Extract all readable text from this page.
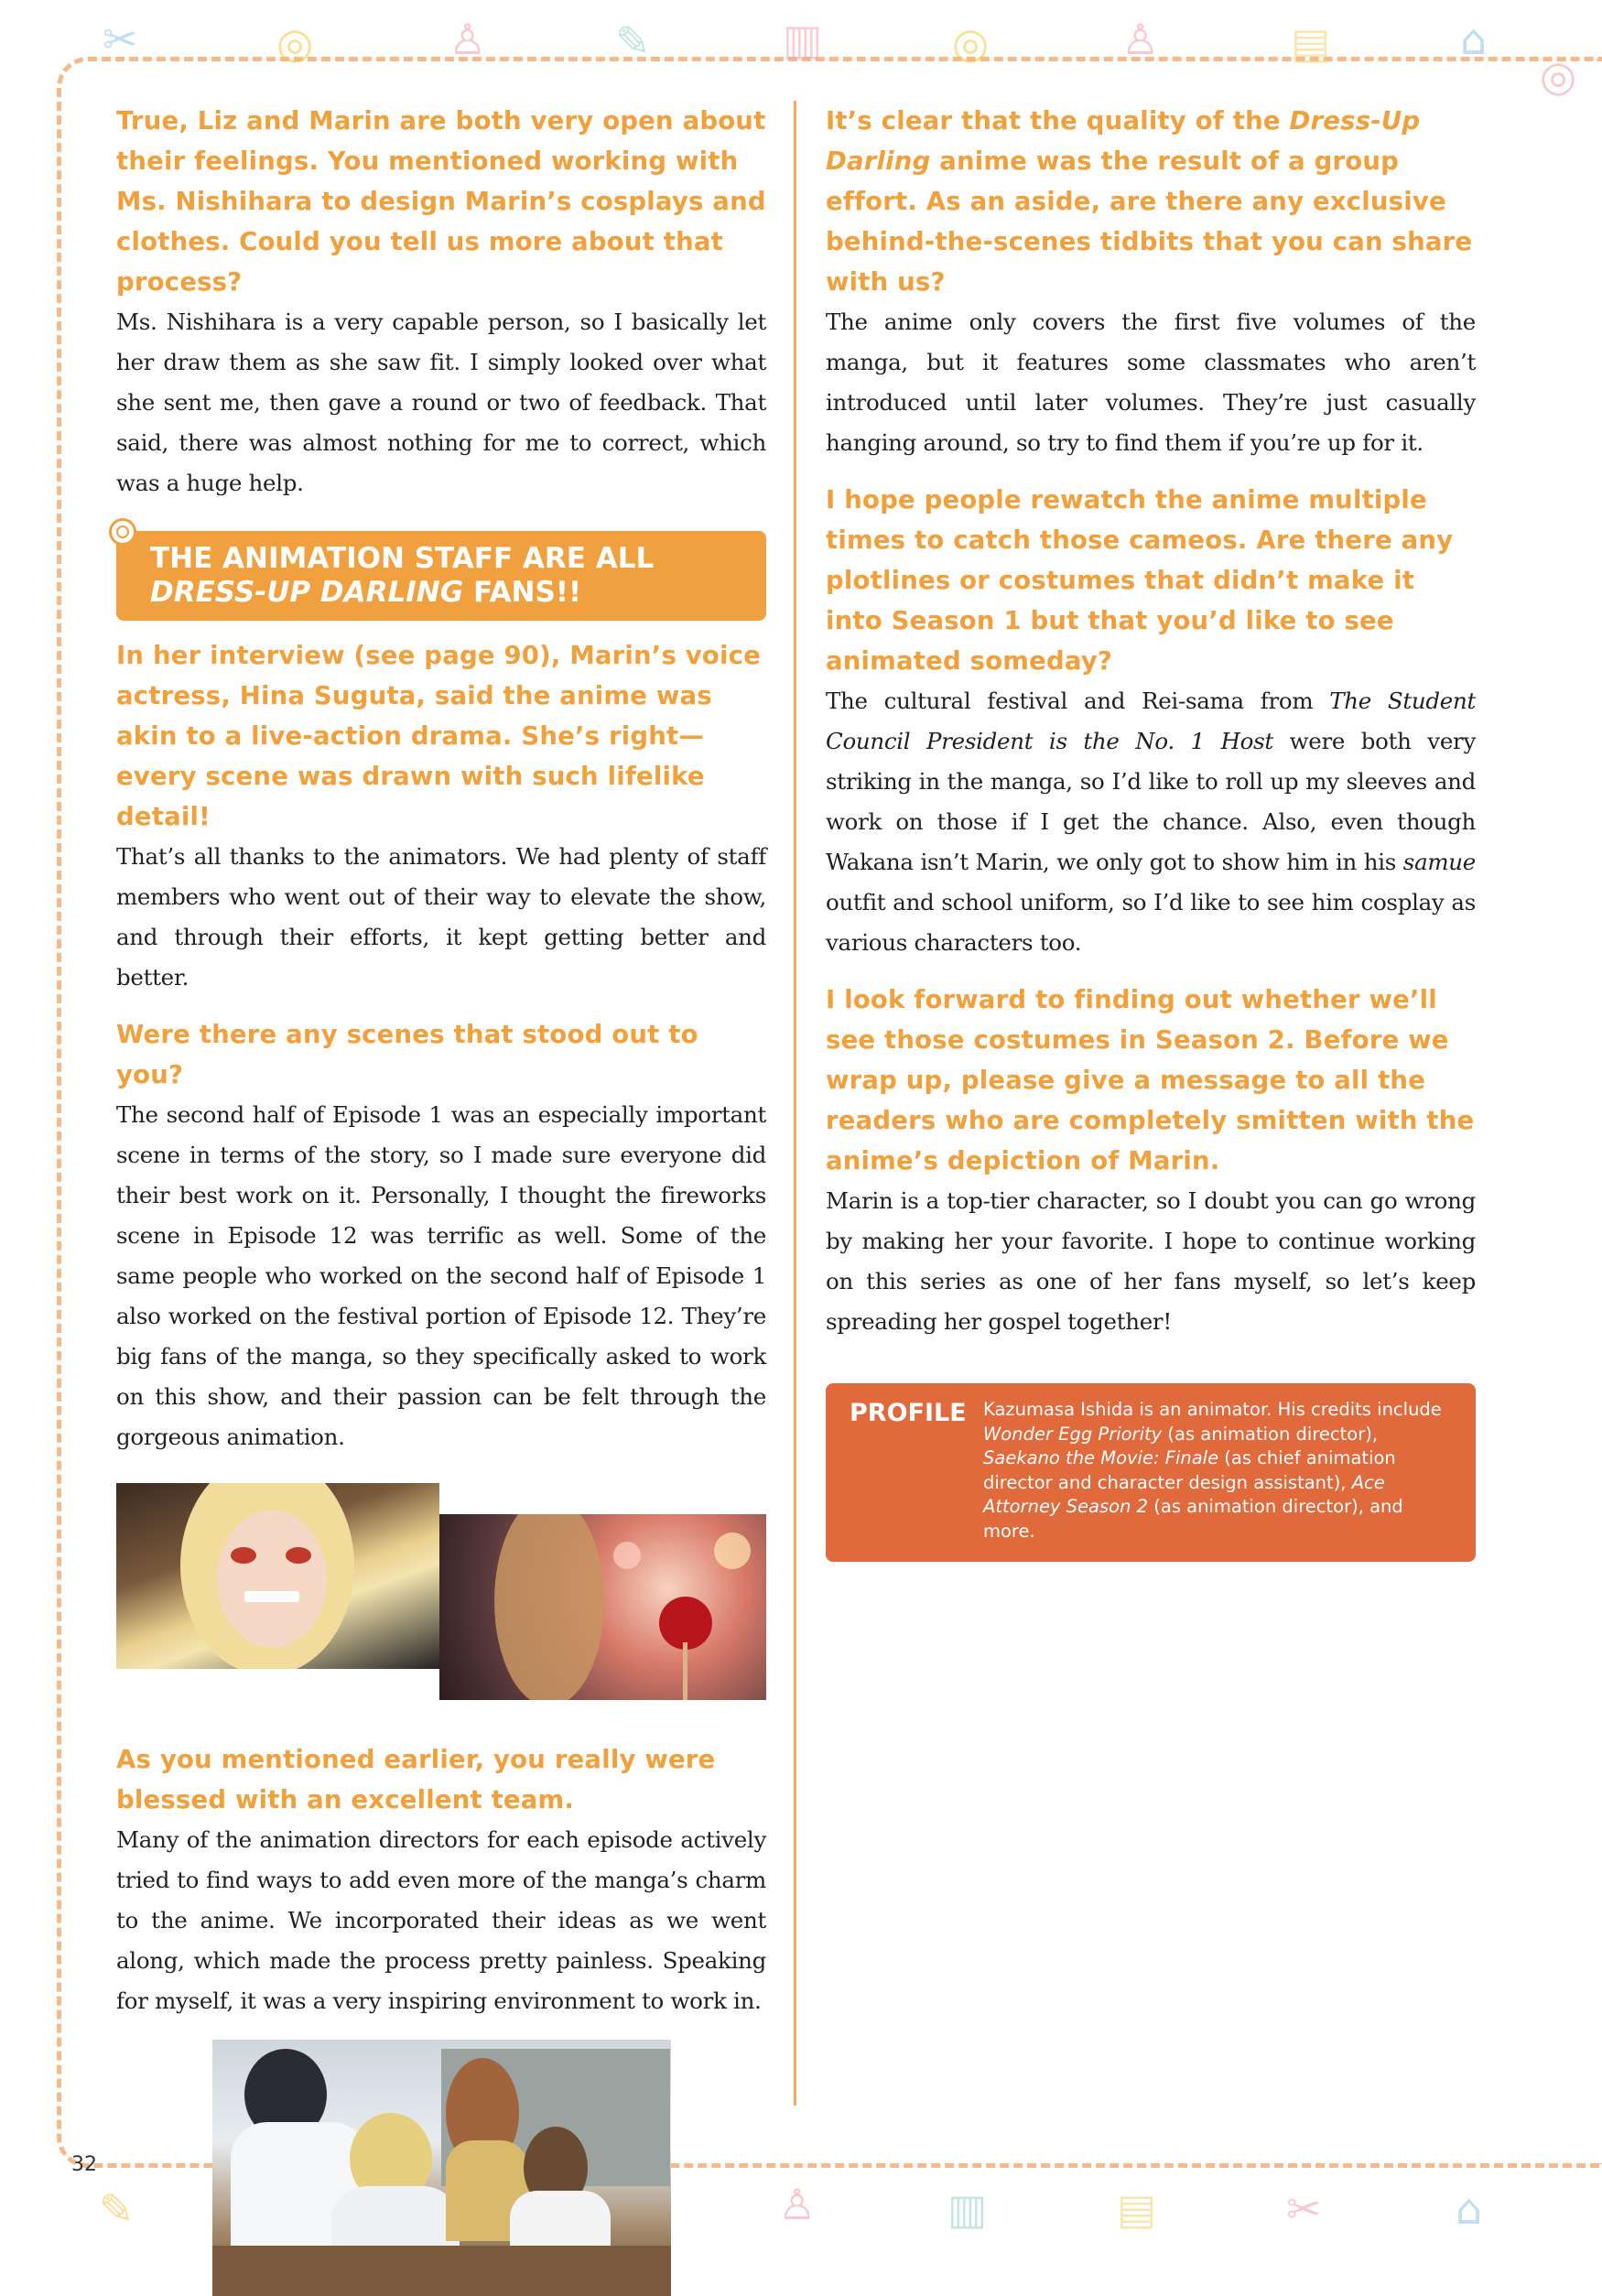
✂	◎	♙	✎	▥	◎	♙	▤	⌂
◎
✎	♙	▥	▤	✂	⌂

True, Liz and Marin are both very open about their feelings. You mentioned working with Ms. Nishihara to design Marin’s cosplays and clothes. Could you tell us more about that process?

Ms. Nishihara is a very capable person, so I basically let her draw them as she saw fit. I simply looked over what she sent me, then gave a round or two of feedback. That said, there was almost nothing for me to correct, which was a huge help.

THE ANIMATION STAFF ARE ALL
DRESS-UP DARLING FANS!!

In her interview (see page 90), Marin’s voice actress, Hina Suguta, said the anime was akin to a live-action drama. She’s right—every scene was drawn with such lifelike detail!

That’s all thanks to the animators. We had plenty of staff members who went out of their way to elevate the show, and through their efforts, it kept getting better and better.

Were there any scenes that stood out to you?

The second half of Episode 1 was an especially important scene in terms of the story, so I made sure everyone did their best work on it. Personally, I thought the fireworks scene in Episode 12 was terrific as well. Some of the same people who worked on the second half of Episode 1 also worked on the festival portion of Episode 12. They’re big fans of the manga, so they specifically asked to work on this show, and their passion can be felt through the gorgeous animation.

As you mentioned earlier, you really were blessed with an excellent team.

Many of the animation directors for each episode actively tried to find ways to add even more of the manga’s charm to the anime. We incorporated their ideas as we went along, which made the process pretty painless. Speaking for myself, it was a very inspiring environment to work in.

It’s clear that the quality of the Dress-Up Darling anime was the result of a group effort. As an aside, are there any exclusive behind-the-scenes tidbits that you can share with us?

The anime only covers the first five volumes of the manga, but it features some classmates who aren’t introduced until later volumes. They’re just casually hanging around, so try to find them if you’re up for it.

I hope people rewatch the anime multiple times to catch those cameos. Are there any plotlines or costumes that didn’t make it into Season 1 but that you’d like to see animated someday?

The cultural festival and Rei-sama from The Student Council President is the No. 1 Host were both very striking in the manga, so I’d like to roll up my sleeves and work on those if I get the chance. Also, even though Wakana isn’t Marin, we only got to show him in his samue outfit and school uniform, so I’d like to see him cosplay as various characters too.

I look forward to finding out whether we’ll see those costumes in Season 2. Before we wrap up, please give a message to all the readers who are completely smitten with the anime’s depiction of Marin.

Marin is a top-tier character, so I doubt you can go wrong by making her your favorite. I hope to continue working on this series as one of her fans myself, so let’s keep spreading her gospel together!

PROFILE Kazumasa Ishida is an animator. His credits include Wonder Egg Priority (as animation director), Saekano the Movie: Finale (as chief animation director and character design assistant), Ace Attorney Season 2 (as animation director), and more.
32
